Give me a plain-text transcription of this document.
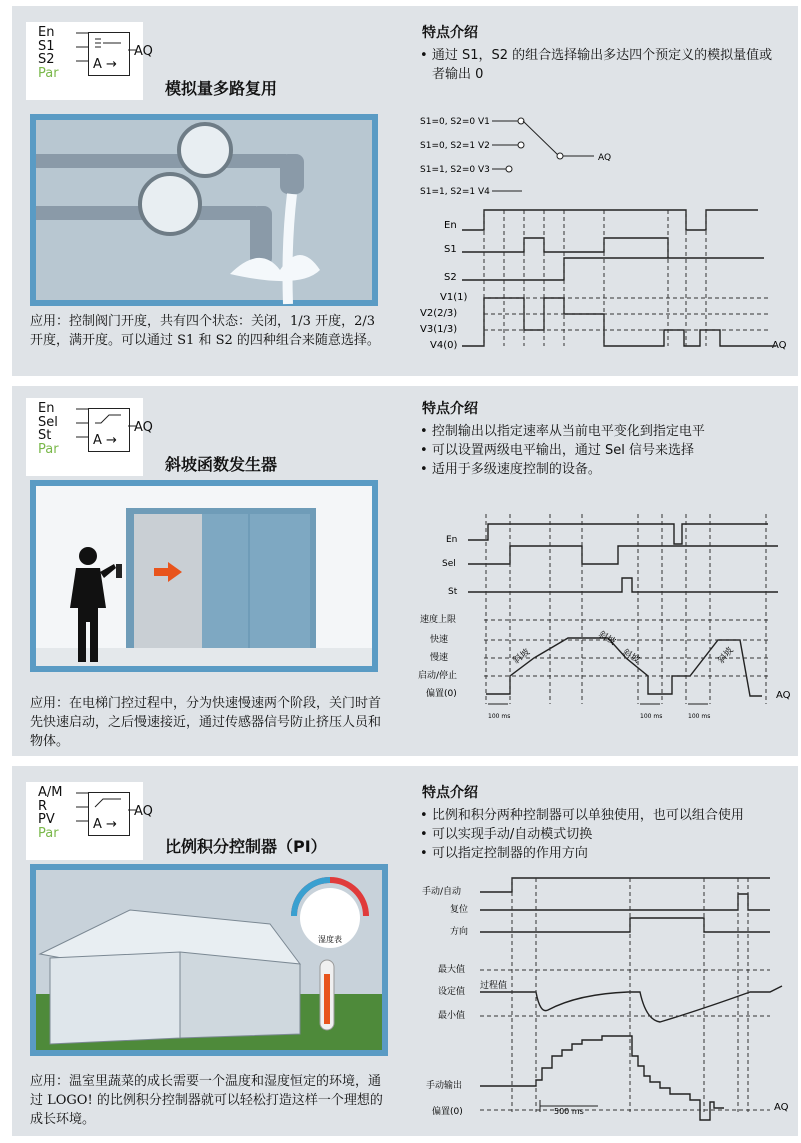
En
S1
S2
Par
A →
AQ
模拟量多路复用
应用：控制阀门开度，共有四个状态：关闭，1/3 开度，2/3 开度，满开度。可以通过 S1 和 S2 的四种组合来随意选择。
特点介绍
• 通过 S1，S2 的组合选择输出多达四个预定义的模拟量值或者输出 0
S1=0, S2=0 V1
S1=0, S2=1 V2
S1=1, S2=0 V3
S1=1, S2=1 V4
AQ
En
S1
S2
V1(1)
V2(2/3)
V3(1/3)
V4(0)	AQ
En
Sel
St
Par
A →
AQ
斜坡函数发生器
应用：在电梯门控过程中，分为快速慢速两个阶段，关门时首先快速启动，之后慢速接近，通过传感器信号防止挤压人员和物体。
特点介绍
• 控制输出以指定速率从当前电平变化到指定电平
• 可以设置两级电平输出，通过 Sel 信号来选择
• 适用于多级速度控制的设备。
En
Sel
St
速度上限
快速
慢速
启动/停止
偏置(0)	AQ
斜坡
斜坡
斜坡	斜坡
100 ms	100 ms	100 ms
A/M
R
PV
Par
A →
AQ
比例积分控制器（PI）
湿度表
应用：温室里蔬菜的成长需要一个温度和湿度恒定的环境，通过 LOGO! 的比例积分控制器就可以轻松打造这样一个理想的成长环境。
特点介绍
• 比例和积分两种控制器可以单独使用，也可以组合使用
• 可以实现手动/自动模式切换
• 可以指定控制器的作用方向
手动/自动
复位
方向
最大值
设定值
最小值
手动输出
偏置(0)
过程值
AQ
500 ms
